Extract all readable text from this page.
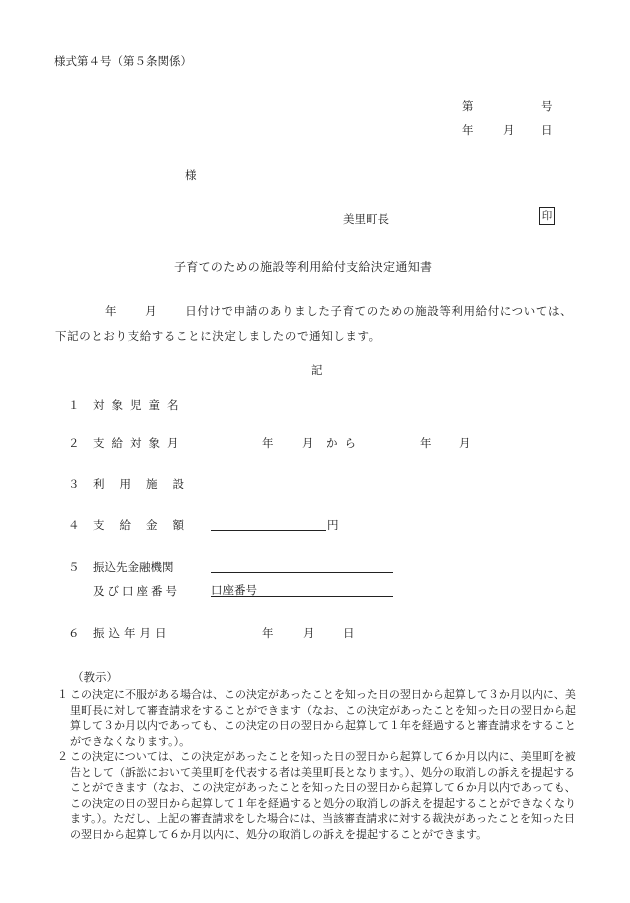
様式第４号（第５条関係）
第	号
年	月 日
様
美里町長	印
子育てのための施設等利用給付支給決定通知書
年 月 日付けで申請のありました子育てのための施設等利用給付については、下記のとおり支給することに決定しましたので通知します。
記
１ 対象児童名
２ 支給対象月	年 月 から	年 月
３ 利用施設
４ 支給金額	円
５ 振込先金融機関
及び口座番号	口座番号
６ 振込年月日	年	月 日
（教示）
１ この決定に不服がある場合は、この決定があったことを知った日の翌日から起算して３か月以内に、美里町長に対して審査請求をすることができます（なお、この決定があったことを知った日の翌日から起算して３か月以内であっても、この決定の日の翌日から起算して１年を経過すると審査請求をすることができなくなります。）。
２ この決定については、この決定があったことを知った日の翌日から起算して６か月以内に、美里町を被告として（訴訟において美里町を代表する者は美里町長となります。）、処分の取消しの訴えを提起することができます（なお、この決定があったことを知った日の翌日から起算して６か月以内であっても、この決定の日の翌日から起算して１年を経過すると処分の取消しの訴えを提起することができなくなります。）。ただし、上記の審査請求をした場合には、当該審査請求に対する裁決があったことを知った日の翌日から起算して６か月以内に、処分の取消しの訴えを提起することができます。
